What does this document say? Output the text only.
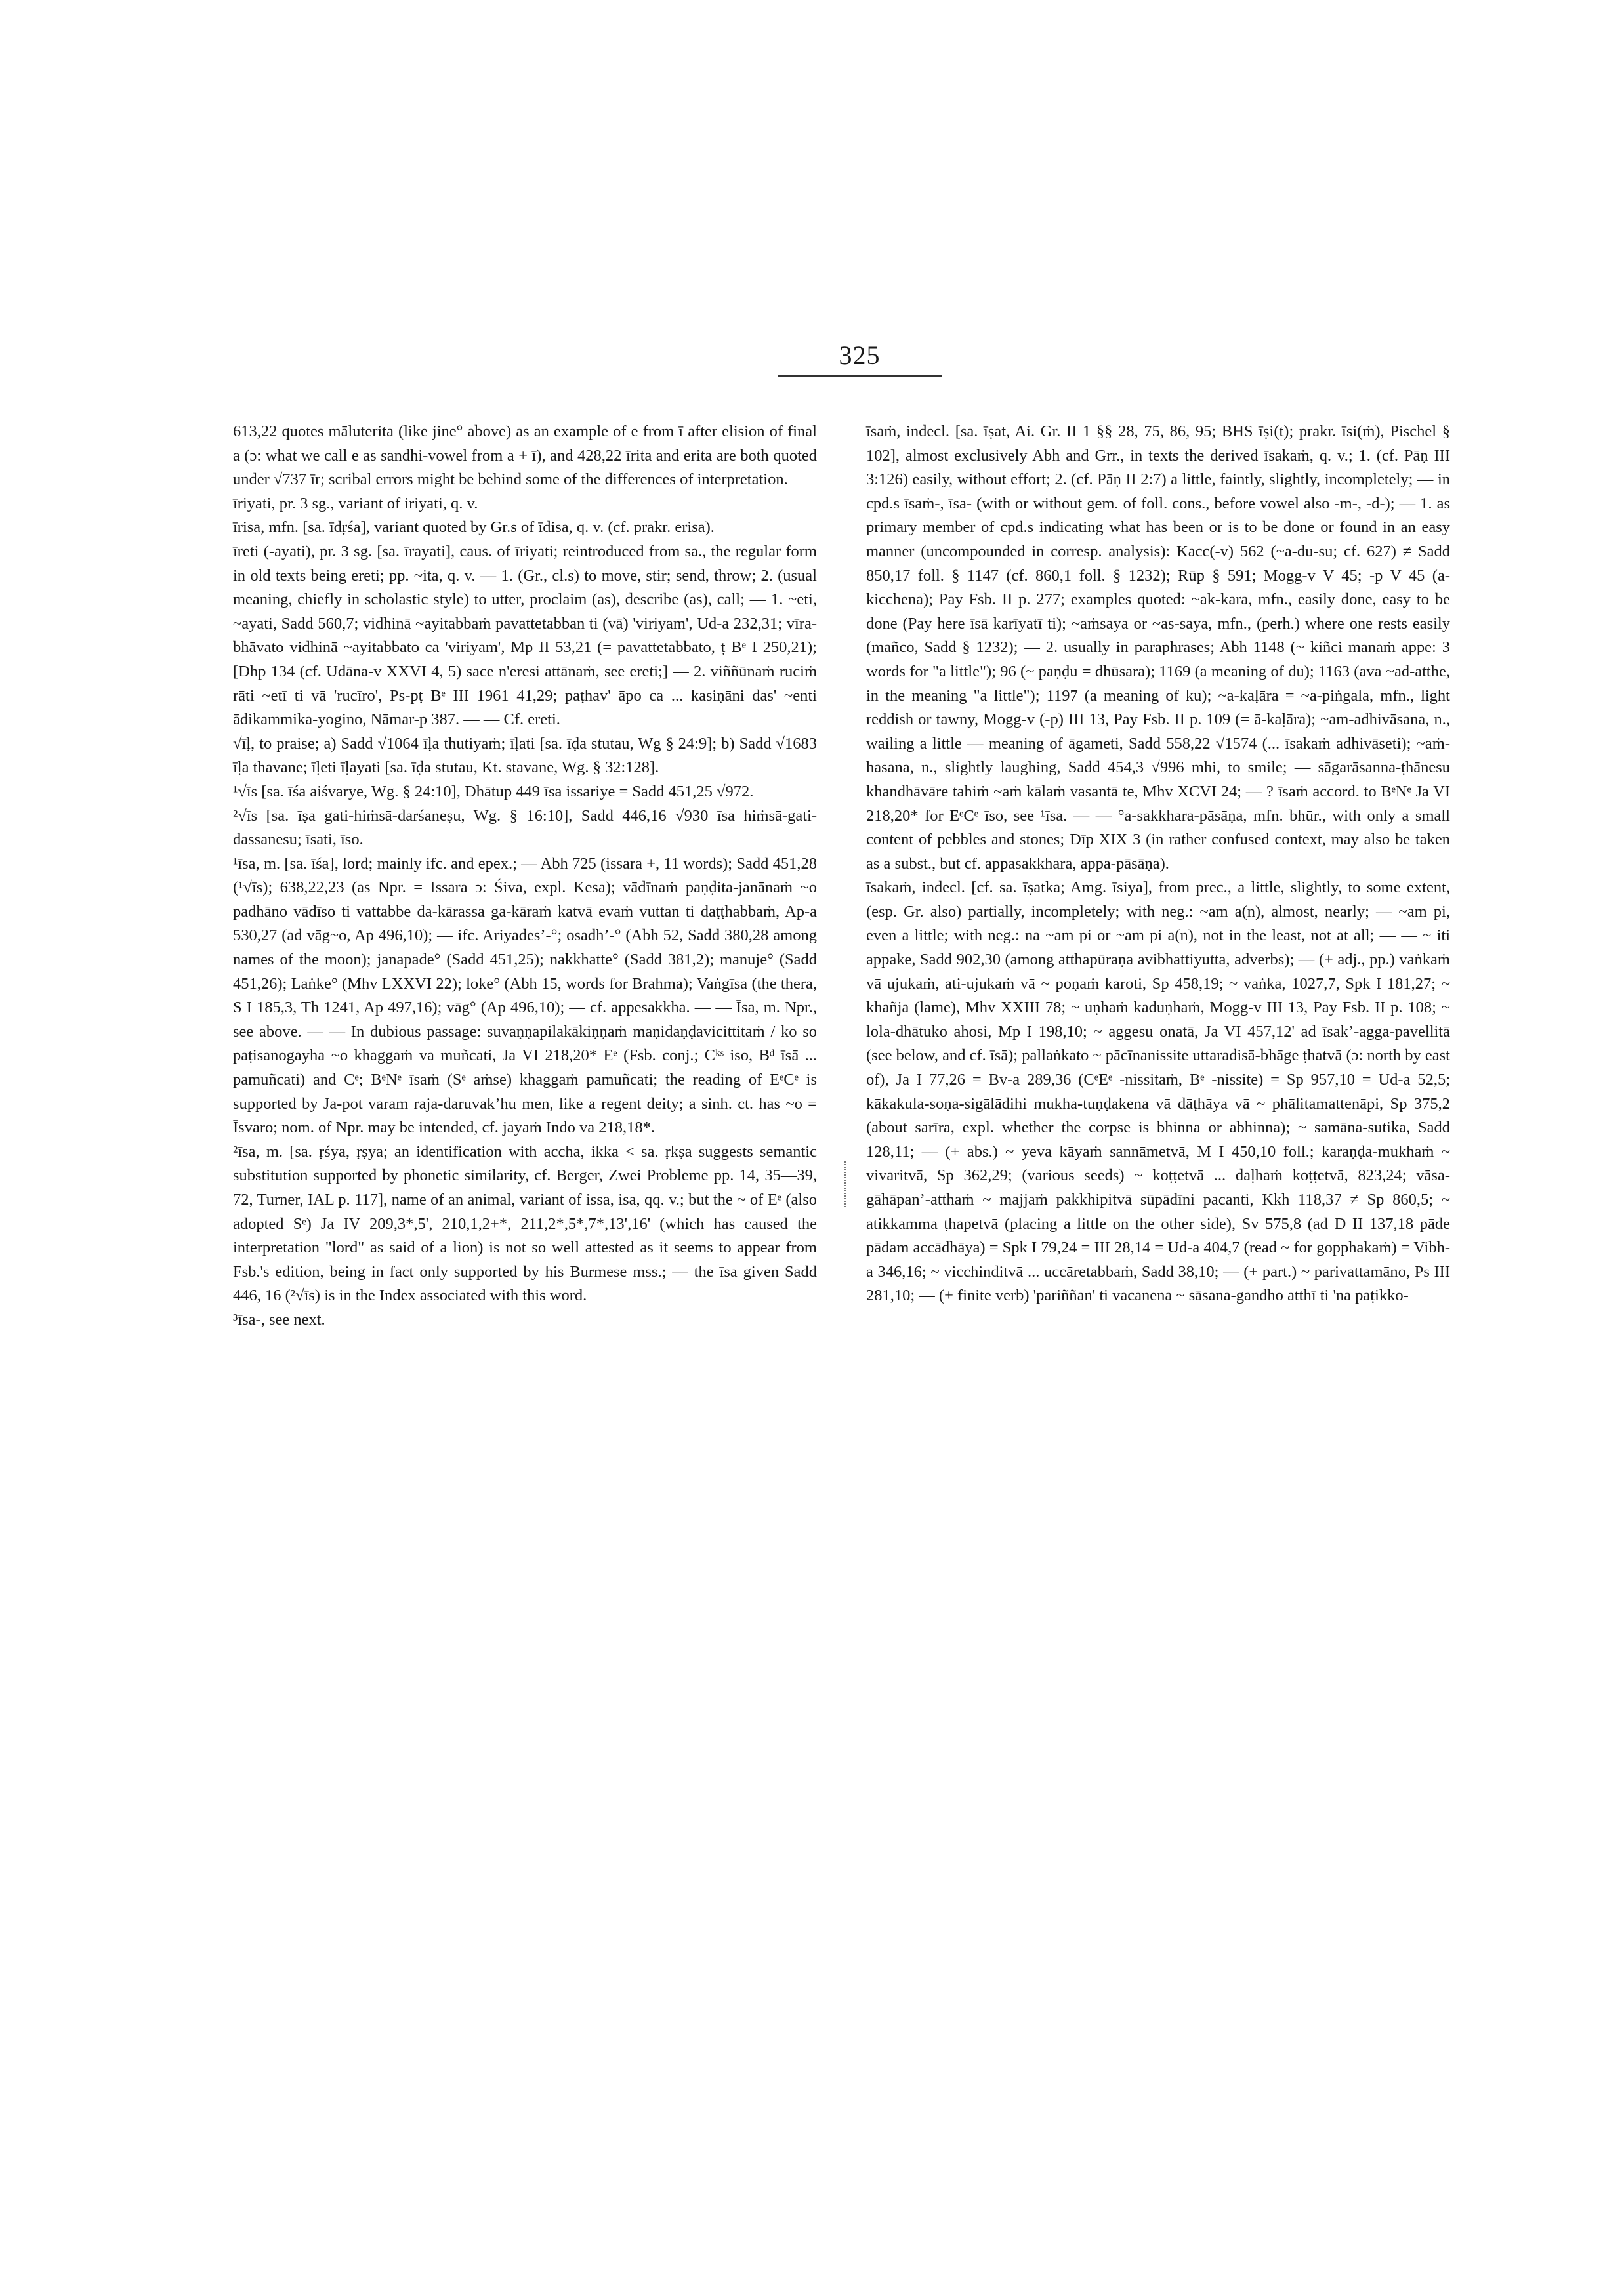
325

613,22 quotes māluterita (like jine° above) as an example of e from ī after elision of final a (ɔ: what we call e as sandhi-vowel from a + ī), and 428,22 īrita and erita are both quoted under √737 īr; scribal errors might be behind some of the differences of interpretation.

īriyati, pr. 3 sg., variant of iriyati, q. v.

īrisa, mfn. [sa. īdṛśa], variant quoted by Gr.s of īdisa, q. v. (cf. prakr. erisa).

īreti (-ayati), pr. 3 sg. [sa. īrayati], caus. of īriyati; reintroduced from sa., the regular form in old texts being ereti; pp. ~ita, q. v. — 1. (Gr., cl.s) to move, stir; send, throw; 2. (usual meaning, chiefly in scholastic style) to utter, proclaim (as), describe (as), call; — 1. ~eti, ~ayati, Sadd 560,7; vidhinā ~ayitabbaṁ pavattetabban ti (vā) 'viriyam', Ud-a 232,31; vīra-bhāvato vidhinā ~ayitabbato ca 'viriyam', Mp II 53,21 (= pavattetabbato, ṭ Bᵉ I 250,21); [Dhp 134 (cf. Udāna-v XXVI 4, 5) sace n'eresi attānaṁ, see ereti;] — 2. viññūnaṁ ruciṁ rāti ~etī ti vā 'rucīro', Ps-pṭ Bᵉ III 1961 41,29; paṭhav' āpo ca ... kasiṇāni das' ~enti ādikammika-yogino, Nāmar-p 387. — — Cf. ereti.

√īḷ, to praise; a) Sadd √1064 īḷa thutiyaṁ; īḷati [sa. īḍa stutau, Wg § 24:9]; b) Sadd √1683 īḷa thavane; īḷeti īḷayati [sa. īḍa stutau, Kt. stavane, Wg. § 32:128].

¹√īs [sa. īśa aiśvarye, Wg. § 24:10], Dhātup 449 īsa issariye = Sadd 451,25 √972.

²√īs [sa. īṣa gati-hiṁsā-darśaneṣu, Wg. § 16:10], Sadd 446,16 √930 īsa hiṁsā-gati-dassanesu; īsati, īso.

¹īsa, m. [sa. īśa], lord; mainly ifc. and epex.; — Abh 725 (issara +, 11 words); Sadd 451,28 (¹√īs); 638,22,23 (as Npr. = Issara ɔ: Śiva, expl. Kesa); vādīnaṁ paṇḍita-janānaṁ ~o padhāno vādīso ti vattabbe da-kārassa ga-kāraṁ katvā evaṁ vuttan ti daṭṭhabbaṁ, Ap-a 530,27 (ad vāg~o, Ap 496,10); — ifc. Ariyadesʼ-°; osadhʼ-° (Abh 52, Sadd 380,28 among names of the moon); janapade° (Sadd 451,25); nakkhatte° (Sadd 381,2); manuje° (Sadd 451,26); Laṅke° (Mhv LXXVI 22); loke° (Abh 15, words for Brahma); Vaṅgīsa (the thera, S I 185,3, Th 1241, Ap 497,16); vāg° (Ap 496,10); — cf. appesakkha. — — Īsa, m. Npr., see above. — — In dubious passage: suvaṇṇapilakākiṇṇaṁ maṇidaṇḍavicittitaṁ / ko so paṭisanogayha ~o khaggaṁ va muñcati, Ja VI 218,20* Eᵉ (Fsb. conj.; Cᵏˢ iso, Bᵈ īsā ... pamuñcati) and Cᵉ; BᵉNᵉ īsaṁ (Sᵉ aṁse) khaggaṁ pamuñcati; the reading of EᵉCᵉ is supported by Ja-pot varam raja-daruvakʼhu men, like a regent deity; a sinh. ct. has ~o = Īsvaro; nom. of Npr. may be intended, cf. jayaṁ Indo va 218,18*.

²īsa, m. [sa. ṛśya, ṛṣya; an identification with accha, ikka < sa. ṛkṣa suggests semantic substitution supported by phonetic similarity, cf. Berger, Zwei Probleme pp. 14, 35—39, 72, Turner, IAL p. 117], name of an animal, variant of issa, isa, qq. v.; but the ~ of Eᵉ (also adopted Sᵉ) Ja IV 209,3*,5', 210,1,2+*, 211,2*,5*,7*,13',16' (which has caused the interpretation "lord" as said of a lion) is not so well attested as it seems to appear from Fsb.'s edition, being in fact only supported by his Burmese mss.; — the īsa given Sadd 446, 16 (²√īs) is in the Index associated with this word.

³īsa-, see next.

īsaṁ, indecl. [sa. īṣat, Ai. Gr. II 1 §§ 28, 75, 86, 95; BHS īṣi(t); prakr. īsi(ṁ), Pischel § 102], almost exclusively Abh and Grr., in texts the derived īsakaṁ, q. v.; 1. (cf. Pāṇ III 3:126) easily, without effort; 2. (cf. Pāṇ II 2:7) a little, faintly, slightly, incompletely; — in cpd.s īsaṁ-, īsa- (with or without gem. of foll. cons., before vowel also -m-, -d-); — 1. as primary member of cpd.s indicating what has been or is to be done or found in an easy manner (uncompounded in corresp. analysis): Kacc(-v) 562 (~a-du-su; cf. 627) ≠ Sadd 850,17 foll. § 1147 (cf. 860,1 foll. § 1232); Rūp § 591; Mogg-v V 45; -p V 45 (a-kicchena); Pay Fsb. II p. 277; examples quoted: ~ak-kara, mfn., easily done, easy to be done (Pay here īsā karīyatī ti); ~aṁsaya or ~as-saya, mfn., (perh.) where one rests easily (mañco, Sadd § 1232); — 2. usually in paraphrases; Abh 1148 (~ kiñci manaṁ appe: 3 words for "a little"); 96 (~ paṇḍu = dhūsara); 1169 (a meaning of du); 1163 (ava ~ad-atthe, in the meaning "a little"); 1197 (a meaning of ku); ~a-kaḷāra = ~a-piṅgala, mfn., light reddish or tawny, Mogg-v (-p) III 13, Pay Fsb. II p. 109 (= ā-kaḷāra); ~am-adhivāsana, n., wailing a little — meaning of āgameti, Sadd 558,22 √1574 (... īsakaṁ adhivāseti); ~aṁ-hasana, n., slightly laughing, Sadd 454,3 √996 mhi, to smile; — sāgarāsanna-ṭhānesu khandhāvāre tahiṁ ~aṁ kālaṁ vasantā te, Mhv XCVI 24; — ? īsaṁ accord. to BᵉNᵉ Ja VI 218,20* for EᵉCᵉ īso, see ¹īsa. — — °a-sakkhara-pāsāṇa, mfn. bhūr., with only a small content of pebbles and stones; Dīp XIX 3 (in rather confused context, may also be taken as a subst., but cf. appasakkhara, appa-pāsāṇa).

īsakaṁ, indecl. [cf. sa. īṣatka; Amg. īsiya], from prec., a little, slightly, to some extent, (esp. Gr. also) partially, incompletely; with neg.: ~am a(n), almost, nearly; — ~am pi, even a little; with neg.: na ~am pi or ~am pi a(n), not in the least, not at all; — — ~ iti appake, Sadd 902,30 (among atthapūraṇa avibhattiyutta, adverbs); — (+ adj., pp.) vaṅkaṁ vā ujukaṁ, ati-ujukaṁ vā ~ poṇaṁ karoti, Sp 458,19; ~ vaṅka, 1027,7, Spk I 181,27; ~ khañja (lame), Mhv XXIII 78; ~ uṇhaṁ kaduṇhaṁ, Mogg-v III 13, Pay Fsb. II p. 108; ~ lola-dhātuko ahosi, Mp I 198,10; ~ aggesu onatā, Ja VI 457,12' ad īsakʼ-agga-pavellitā (see below, and cf. īsā); pallaṅkato ~ pācīnanissite uttaradisā-bhāge ṭhatvā (ɔ: north by east of), Ja I 77,26 = Bv-a 289,36 (CᵉEᵉ -nissitaṁ, Bᵉ -nissite) = Sp 957,10 = Ud-a 52,5; kākakula-soṇa-sigālādihi mukha-tuṇḍakena vā dāṭhāya vā ~ phālitamattenāpi, Sp 375,2 (about sarīra, expl. whether the corpse is bhinna or abhinna); ~ samāna-sutika, Sadd 128,11; — (+ abs.) ~ yeva kāyaṁ sannāmetvā, M I 450,10 foll.; karaṇḍa-mukhaṁ ~ vivaritvā, Sp 362,29; (various seeds) ~ koṭṭetvā ... daḷhaṁ koṭṭetvā, 823,24; vāsa-gāhāpanʼ-atthaṁ ~ majjaṁ pakkhipitvā sūpādīni pacanti, Kkh 118,37 ≠ Sp 860,5; ~ atikkamma ṭhapetvā (placing a little on the other side), Sv 575,8 (ad D II 137,18 pāde pādam accādhāya) = Spk I 79,24 = III 28,14 = Ud-a 404,7 (read ~ for gopphakaṁ) = Vibh-a 346,16; ~ vicchinditvā ... uccāretabbaṁ, Sadd 38,10; — (+ part.) ~ parivattamāno, Ps III 281,10; — (+ finite verb) 'pariññan' ti vacanena ~ sāsana-gandho atthī ti 'na paṭikko-
